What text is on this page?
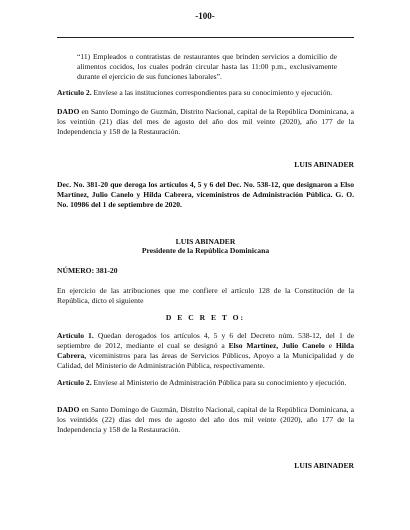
-100-

“11) Empleados o contratistas de restaurantes que brinden servicios a domicilio de alimentos cocidos, los cuales podrán circular hasta las 11:00 p.m., exclusivamente durante el ejercicio de sus funciones laborales”.

Artículo 2. Envíese a las instituciones correspondientes para su conocimiento y ejecución.

DADO en Santo Domingo de Guzmán, Distrito Nacional, capital de la República Dominicana, a los veintiún (21) días del mes de agosto del año dos mil veinte (2020), año 177 de la Independencia y 158 de la Restauración.

LUIS ABINADER

Dec. No. 381-20 que deroga los artículos 4, 5 y 6 del Dec. No. 538-12, que designaron a Elso Martínez, Julio Canelo y Hilda Cabrera, viceministros de Administración Pública. G. O. No. 10986 del 1 de septiembre de 2020.

LUIS ABINADER

Presidente de la República Dominicana

NÚMERO: 381-20

En ejercicio de las atribuciones que me confiere el artículo 128 de la Constitución de la República, dicto el siguiente

D E C R E T O:

Artículo 1. Quedan derogados los artículos 4, 5 y 6 del Decreto núm. 538-12, del 1 de septiembre de 2012, mediante el cual se designó a Elso Martínez, Julio Canelo e Hilda Cabrera, viceministros para las áreas de Servicios Públicos, Apoyo a la Municipalidad y de Calidad, del Ministerio de Administración Pública, respectivamente.

Artículo 2. Envíese al Ministerio de Administración Pública para su conocimiento y ejecución.

DADO en Santo Domingo de Guzmán, Distrito Nacional, capital de la República Dominicana, a los veintidós (22) días del mes de agosto del año dos mil veinte (2020), año 177 de la Independencia y 158 de la Restauración.

LUIS ABINADER
